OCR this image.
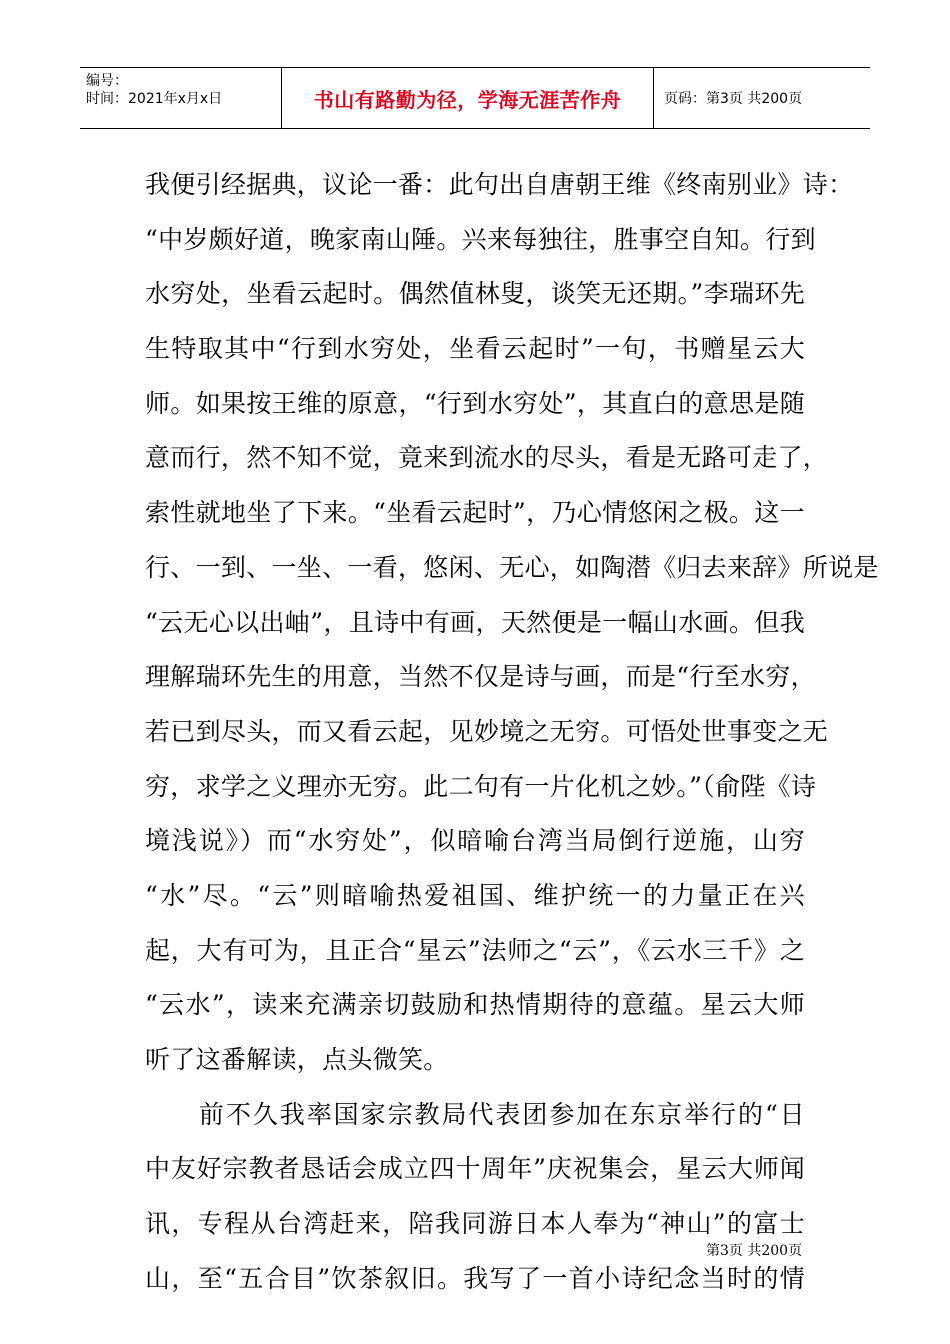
编号：
时间：2021年x月x日	书山有路勤为径，学海无涯苦作舟	页码：第3页 共200页
我便引经据典，议论一番：此句出自唐朝王维《终南别业》诗：
“中岁颇好道，晚家南山陲。兴来每独往，胜事空自知。行到
水穷处，坐看云起时。偶然值林叟，谈笑无还期。”李瑞环先
生特取其中“行到水穷处，坐看云起时”一句，书赠星云大
师。如果按王维的原意，“行到水穷处”，其直白的意思是随
意而行，然不知不觉，竟来到流水的尽头，看是无路可走了，
索性就地坐了下来。“坐看云起时”，乃心情悠闲之极。这一
行、一到、一坐、一看，悠闲、无心，如陶潜《归去来辞》所说是
“云无心以出岫”，且诗中有画，天然便是一幅山水画。但我
理解瑞环先生的用意，当然不仅是诗与画，而是“行至水穷，
若已到尽头，而又看云起，见妙境之无穷。可悟处世事变之无
穷，求学之义理亦无穷。此二句有一片化机之妙。”（俞陛《诗
境浅说》）而“水穷处”，似暗喻台湾当局倒行逆施，山穷
“水”尽。“云”则暗喻热爱祖国、维护统一的力量正在兴
起，大有可为，且正合“星云”法师之“云”，《云水三千》之
“云水”，读来充满亲切鼓励和热情期待的意蕴。星云大师
听了这番解读，点头微笑。
　　前不久我率国家宗教局代表团参加在东京举行的“日
中友好宗教者恳话会成立四十周年”庆祝集会，星云大师闻
讯，专程从台湾赶来，陪我同游日本人奉为“神山”的富士
山，至“五合目”饮茶叙旧。我写了一首小诗纪念当时的情
第3页 共200页
